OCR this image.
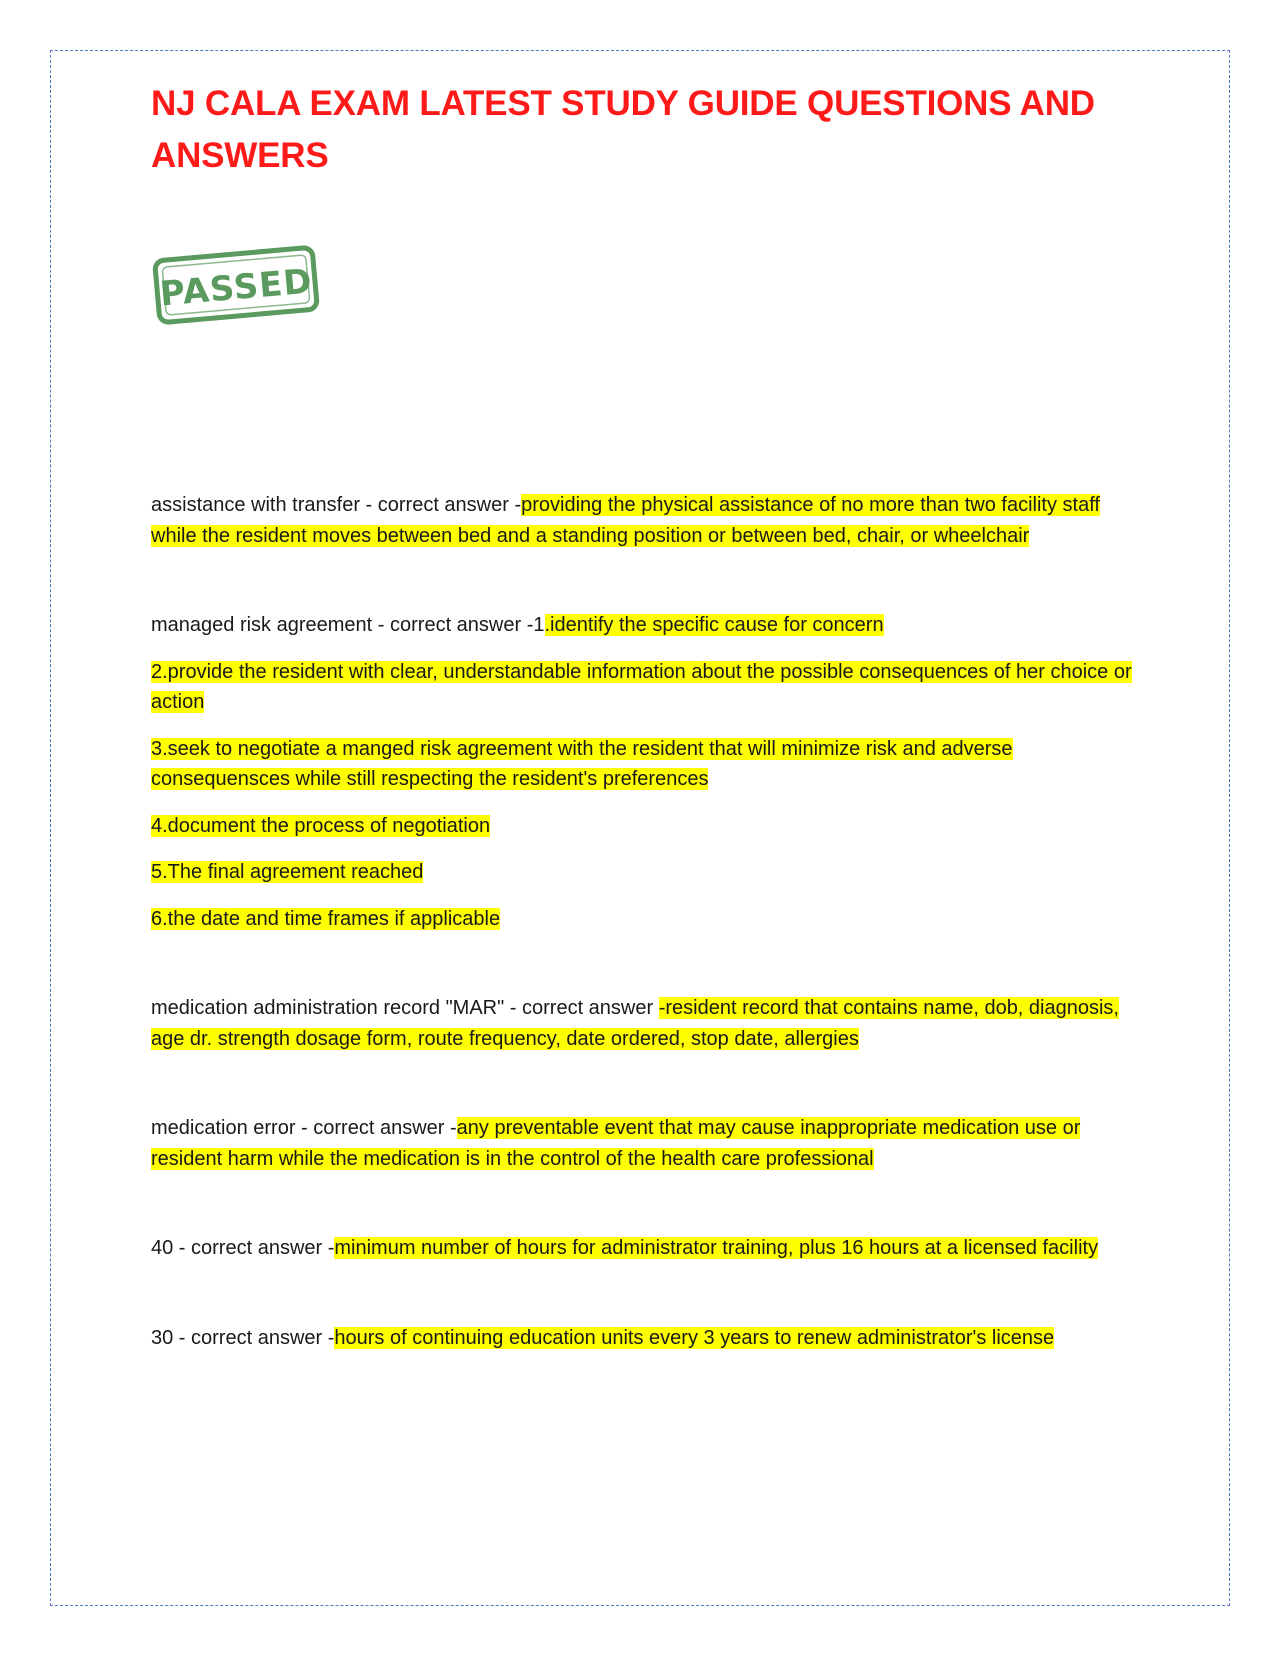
NJ CALA EXAM LATEST STUDY GUIDE QUESTIONS AND ANSWERS
PASSED

assistance with transfer - correct answer -providing the physical assistance of no more than two facility staff while the resident moves between bed and a standing position or between bed, chair, or wheelchair

managed risk agreement - correct answer -1.identify the specific cause for concern

2.provide the resident with clear, understandable information about the possible consequences of her choice or action

3.seek to negotiate a manged risk agreement with the resident that will minimize risk and adverse consequensces while still respecting the resident's preferences

4.document the process of negotiation

5.The final agreement reached

6.the date and time frames if applicable

medication administration record "MAR" - correct answer -resident record that contains name, dob, diagnosis, age dr. strength dosage form, route frequency, date ordered, stop date, allergies

medication error - correct answer -any preventable event that may cause inappropriate medication use or resident harm while the medication is in the control of the health care professional

40 - correct answer -minimum number of hours for administrator training, plus 16 hours at a licensed facility

30 - correct answer -hours of continuing education units every 3 years to renew administrator's license
